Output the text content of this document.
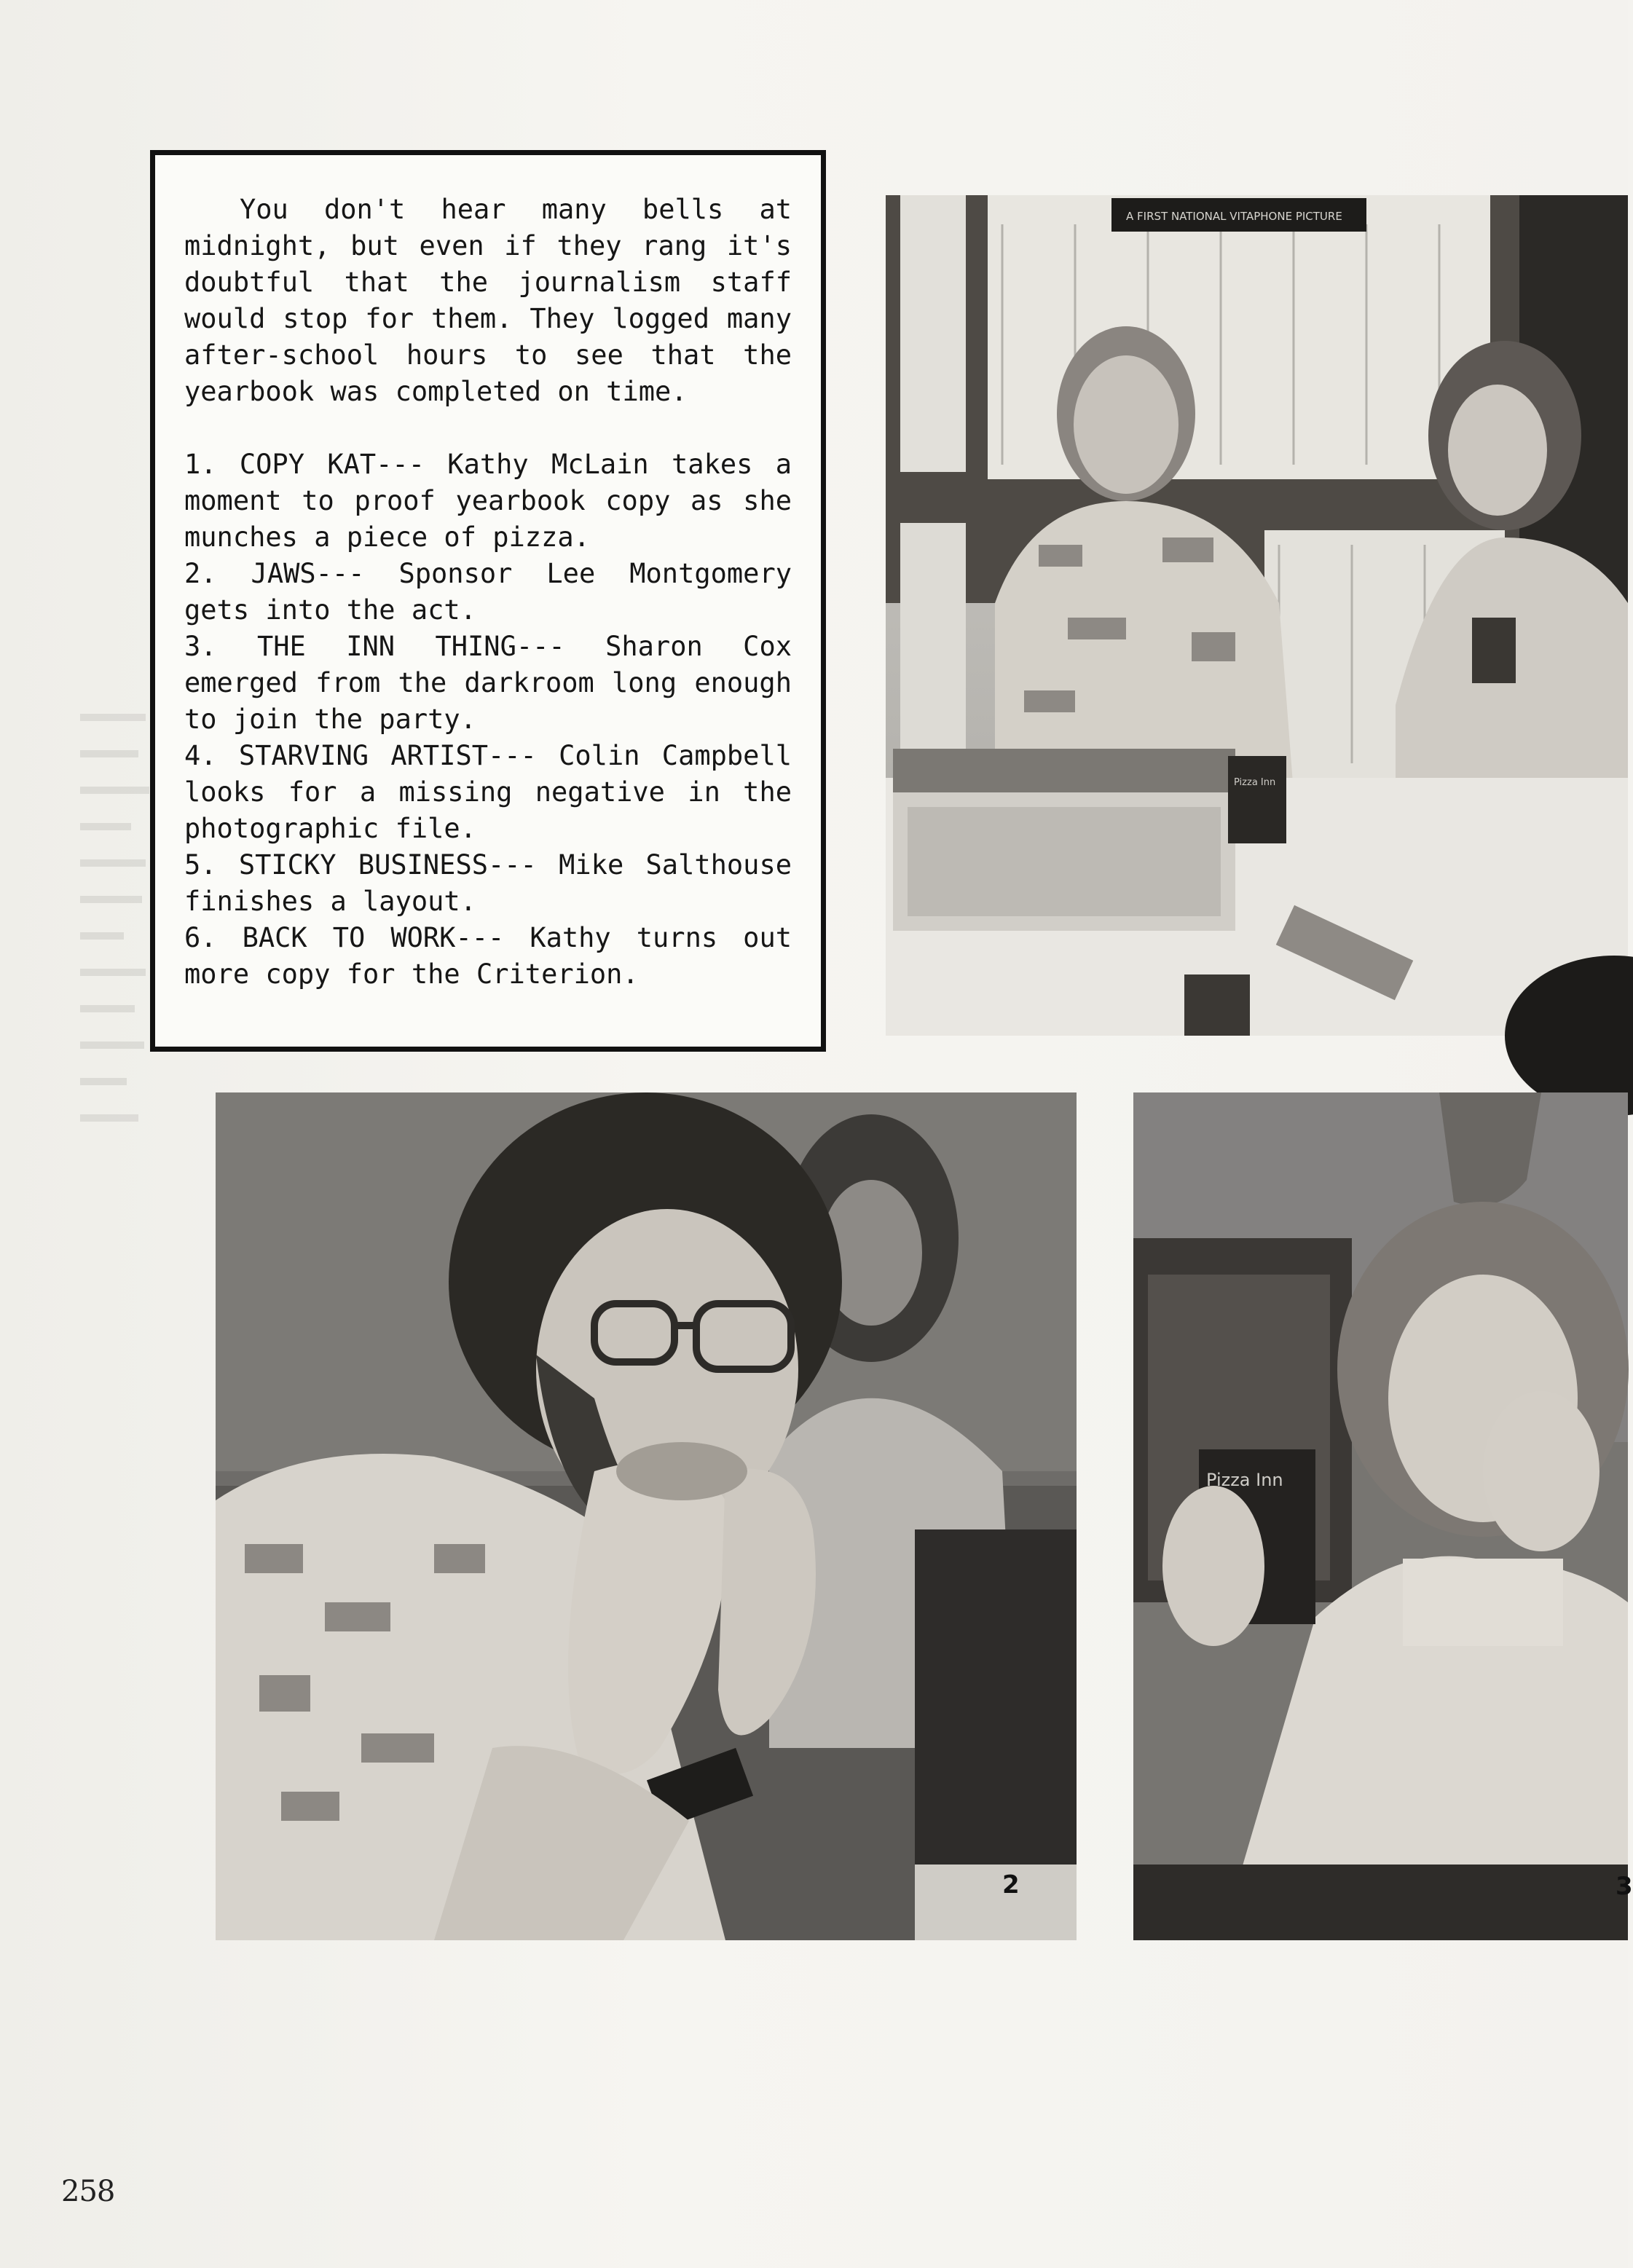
You don't hear many bells at midnight, but even if they rang it's doubtful that the journalism staff would stop for them. They logged many after-school hours to see that the yearbook was completed on time.

1. COPY KAT--- Kathy McLain takes a moment to proof yearbook copy as she munches a piece of pizza.
2. JAWS--- Sponsor Lee Montgomery gets into the act.
3. THE INN THING--- Sharon Cox emerged from the darkroom long enough to join the party.
4. STARVING ARTIST--- Colin Campbell looks for a missing negative in the photographic file.
5. STICKY BUSINESS--- Mike Salthouse finishes a layout.
6. BACK TO WORK--- Kathy turns out more copy for the Criterion.
A FIRST NATIONAL VITAPHONE PICTURE
Pizza Inn
2
Pizza Inn
3
258
